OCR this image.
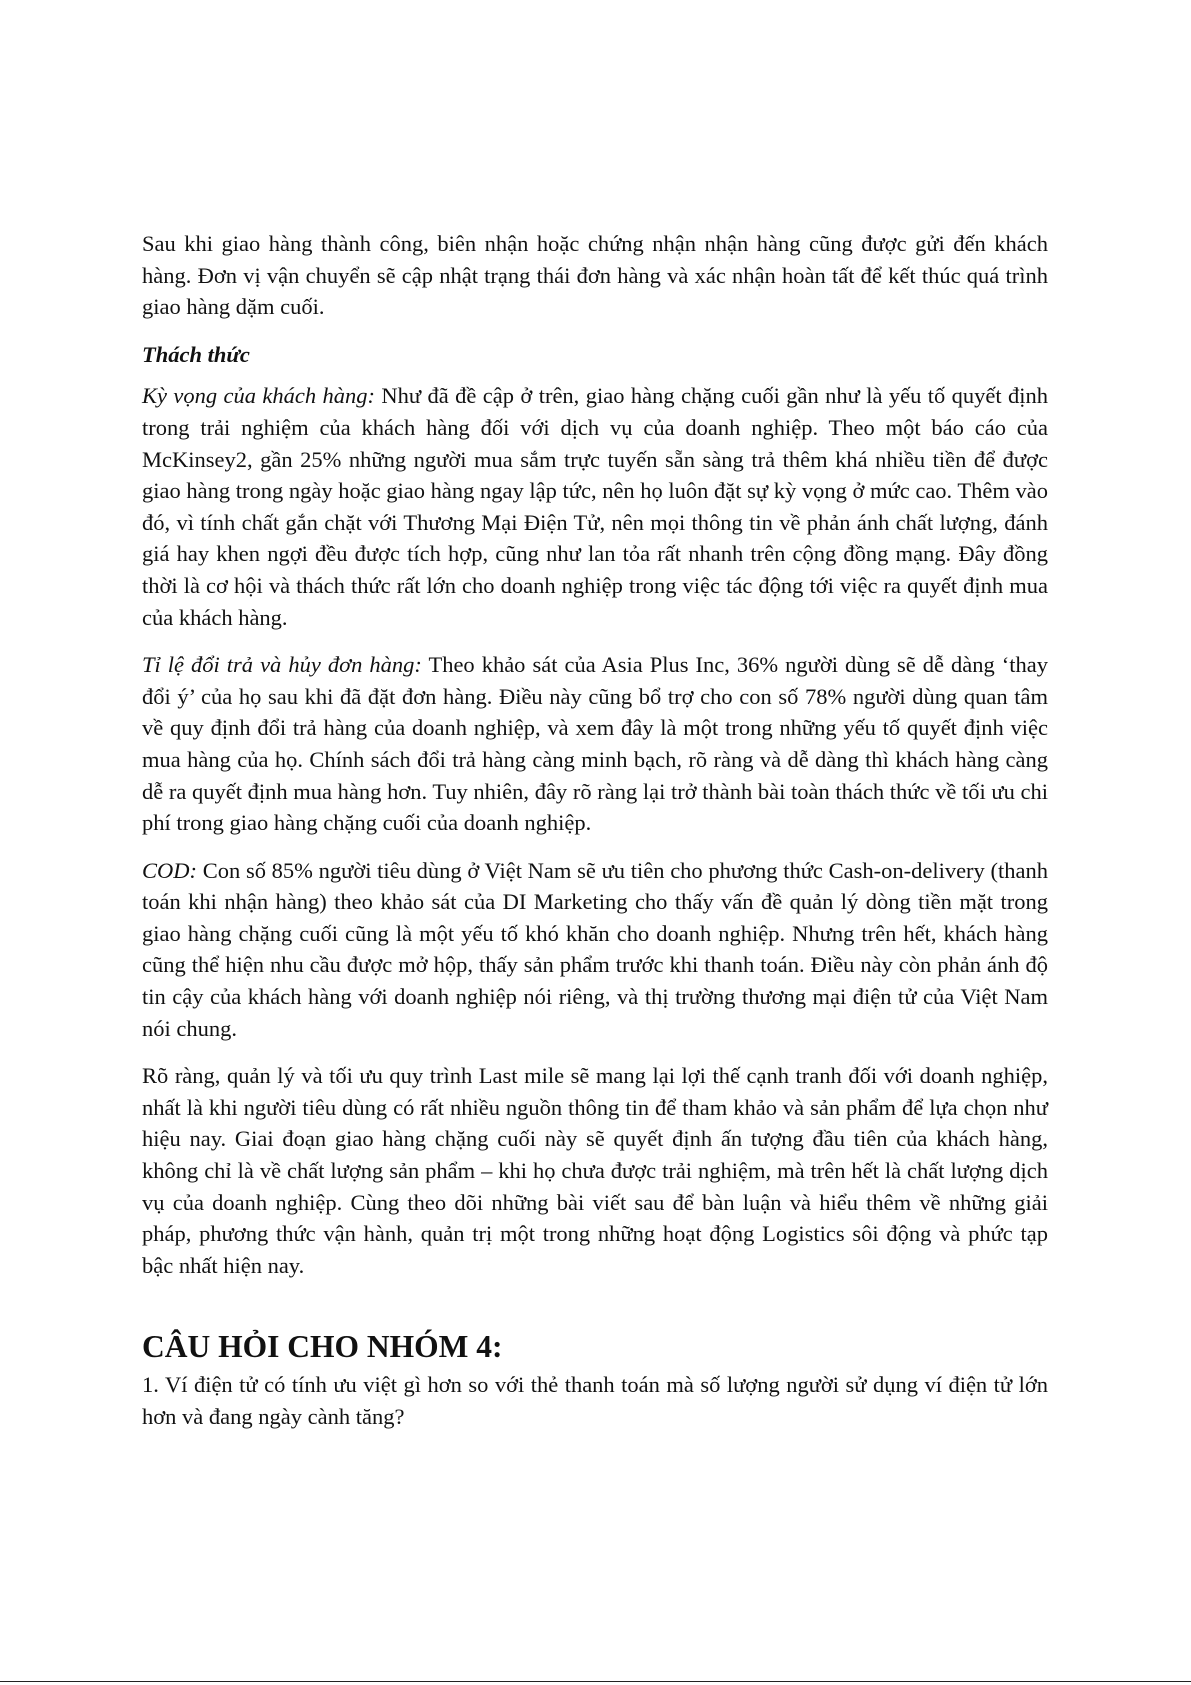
Sau khi giao hàng thành công, biên nhận hoặc chứng nhận nhận hàng cũng được gửi đến khách hàng. Đơn vị vận chuyển sẽ cập nhật trạng thái đơn hàng và xác nhận hoàn tất để kết thúc quá trình giao hàng dặm cuối.

Thách thức

Kỳ vọng của khách hàng: Như đã đề cập ở trên, giao hàng chặng cuối gần như là yếu tố quyết định trong trải nghiệm của khách hàng đối với dịch vụ của doanh nghiệp. Theo một báo cáo của McKinsey2, gần 25% những người mua sắm trực tuyến sẵn sàng trả thêm khá nhiều tiền để được giao hàng trong ngày hoặc giao hàng ngay lập tức, nên họ luôn đặt sự kỳ vọng ở mức cao. Thêm vào đó, vì tính chất gắn chặt với Thương Mại Điện Tử, nên mọi thông tin về phản ánh chất lượng, đánh giá hay khen ngợi đều được tích hợp, cũng như lan tỏa rất nhanh trên cộng đồng mạng. Đây đồng thời là cơ hội và thách thức rất lớn cho doanh nghiệp trong việc tác động tới việc ra quyết định mua của khách hàng.

Tỉ lệ đổi trả và hủy đơn hàng: Theo khảo sát của Asia Plus Inc, 36% người dùng sẽ dễ dàng ‘thay đổi ý’ của họ sau khi đã đặt đơn hàng. Điều này cũng bổ trợ cho con số 78% người dùng quan tâm về quy định đổi trả hàng của doanh nghiệp, và xem đây là một trong những yếu tố quyết định việc mua hàng của họ. Chính sách đổi trả hàng càng minh bạch, rõ ràng và dễ dàng thì khách hàng càng dễ ra quyết định mua hàng hơn. Tuy nhiên, đây rõ ràng lại trở thành bài toàn thách thức về tối ưu chi phí trong giao hàng chặng cuối của doanh nghiệp.

COD: Con số 85% người tiêu dùng ở Việt Nam sẽ ưu tiên cho phương thức Cash-on-delivery (thanh toán khi nhận hàng) theo khảo sát của DI Marketing cho thấy vấn đề quản lý dòng tiền mặt trong giao hàng chặng cuối cũng là một yếu tố khó khăn cho doanh nghiệp. Nhưng trên hết, khách hàng cũng thể hiện nhu cầu được mở hộp, thấy sản phẩm trước khi thanh toán. Điều này còn phản ánh độ tin cậy của khách hàng với doanh nghiệp nói riêng, và thị trường thương mại điện tử của Việt Nam nói chung.

Rõ ràng, quản lý và tối ưu quy trình Last mile sẽ mang lại lợi thế cạnh tranh đối với doanh nghiệp, nhất là khi người tiêu dùng có rất nhiều nguồn thông tin để tham khảo và sản phẩm để lựa chọn như hiệu nay. Giai đoạn giao hàng chặng cuối này sẽ quyết định ấn tượng đầu tiên của khách hàng, không chỉ là về chất lượng sản phẩm – khi họ chưa được trải nghiệm, mà trên hết là chất lượng dịch vụ của doanh nghiệp. Cùng theo dõi những bài viết sau để bàn luận và hiểu thêm về những giải pháp, phương thức vận hành, quản trị một trong những hoạt động Logistics sôi động và phức tạp bậc nhất hiện nay.

CÂU HỎI CHO NHÓM 4:

1. Ví điện tử có tính ưu việt gì hơn so với thẻ thanh toán mà số lượng người sử dụng ví điện tử lớn hơn và đang ngày cành tăng?
